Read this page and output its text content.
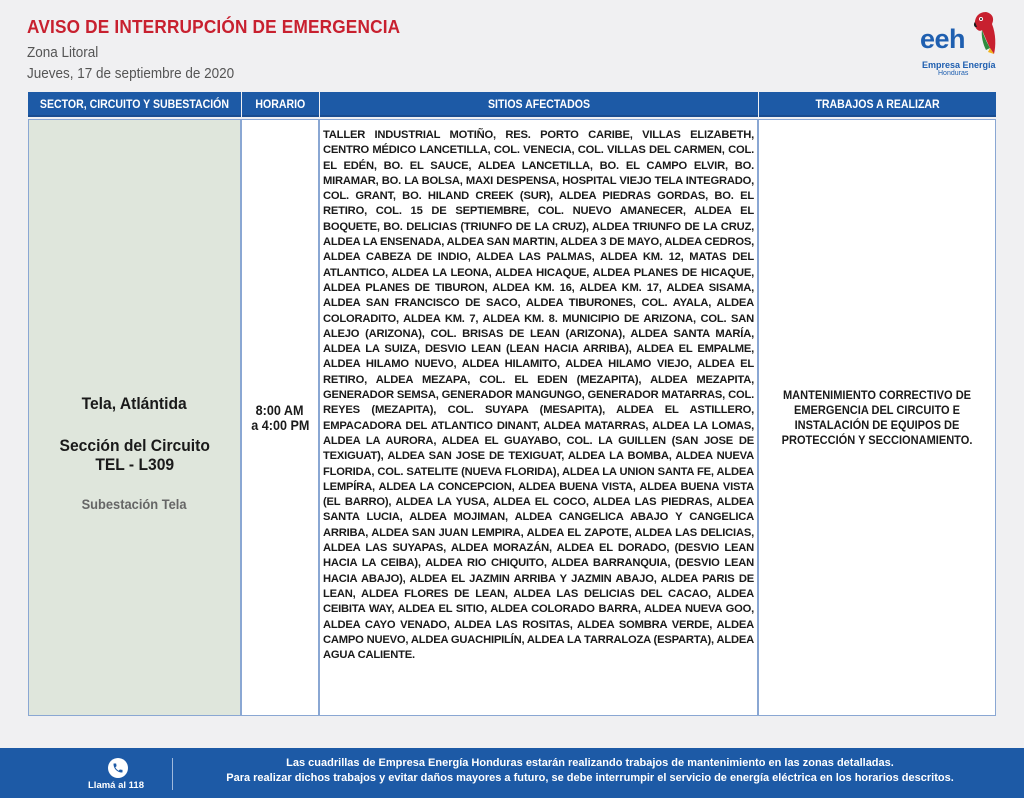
AVISO DE INTERRUPCIÓN DE EMERGENCIA
Zona Litoral
Jueves, 17 de septiembre de 2020
eeh
Empresa Energía
Honduras
SECTOR, CIRCUITO Y SUBESTACIÓN HORARIO	SITIOS AFECTADOS	TRABAJOS A REALIZAR
Tela, Atlántida
Sección del Circuito
TEL - L309
Subestación Tela
8:00 AM
a 4:00 PM
TALLER INDUSTRIAL MOTIÑO, RES. PORTO CARIBE, VILLAS ELIZABETH, CENTRO MÉDICO LANCETILLA, COL. VENECIA, COL. VILLAS DEL CARMEN, COL. EL EDÉN, BO. EL SAUCE, ALDEA LANCETILLA, BO. EL CAMPO ELVIR, BO. MIRAMAR, BO. LA BOLSA, MAXI DESPENSA, HOSPITAL VIEJO TELA INTEGRADO, COL. GRANT, BO. HILAND CREEK (SUR), ALDEA PIEDRAS GORDAS, BO. EL RETIRO, COL. 15 DE SEPTIEMBRE, COL. NUEVO AMANECER, ALDEA EL BOQUETE, BO. DELICIAS (TRIUNFO DE LA CRUZ), ALDEA TRIUNFO DE LA CRUZ, ALDEA LA ENSENADA, ALDEA SAN MARTIN, ALDEA 3 DE MAYO, ALDEA CEDROS, ALDEA CABEZA DE INDIO, ALDEA LAS PALMAS, ALDEA KM. 12, MATAS DEL ATLANTICO, ALDEA LA LEONA, ALDEA HICAQUE, ALDEA PLANES DE HICAQUE, ALDEA PLANES DE TIBURON, ALDEA KM. 16, ALDEA KM. 17, ALDEA SISAMA, ALDEA SAN FRANCISCO DE SACO, ALDEA TIBURONES, COL. AYALA, ALDEA COLORADITO, ALDEA KM. 7, ALDEA KM. 8. MUNICIPIO DE ARIZONA, COL. SAN ALEJO (ARIZONA), COL. BRISAS DE LEAN (ARIZONA), ALDEA SANTA MARÍA, ALDEA LA SUIZA, DESVIO LEAN (LEAN HACIA ARRIBA), ALDEA EL EMPALME, ALDEA HILAMO NUEVO, ALDEA HILAMITO, ALDEA HILAMO VIEJO, ALDEA EL RETIRO, ALDEA MEZAPA, COL. EL EDEN (MEZAPITA), ALDEA MEZAPITA, GENERADOR SEMSA, GENERADOR MANGUNGO, GENERADOR MATARRAS, COL. REYES (MEZAPITA), COL. SUYAPA (MESAPITA), ALDEA EL ASTILLERO, EMPACADORA DEL ATLANTICO DINANT, ALDEA MATARRAS, ALDEA LA LOMAS, ALDEA LA AURORA, ALDEA EL GUAYABO, COL. LA GUILLEN (SAN JOSE DE TEXIGUAT), ALDEA SAN JOSE DE TEXIGUAT, ALDEA LA BOMBA, ALDEA NUEVA FLORIDA, COL. SATELITE (NUEVA FLORIDA), ALDEA LA UNION SANTA FE, ALDEA LEMPÍRA, ALDEA LA CONCEPCION, ALDEA BUENA VISTA, ALDEA BUENA VISTA (EL BARRO), ALDEA LA YUSA, ALDEA EL COCO, ALDEA LAS PIEDRAS, ALDEA SANTA LUCIA, ALDEA MOJIMAN, ALDEA CANGELICA ABAJO Y CANGELICA ARRIBA, ALDEA SAN JUAN LEMPIRA, ALDEA EL ZAPOTE, ALDEA LAS DELICIAS, ALDEA LAS SUYAPAS, ALDEA MORAZÁN, ALDEA EL DORADO, (DESVIO LEAN HACIA LA CEIBA), ALDEA RIO CHIQUITO, ALDEA BARRANQUIA, (DESVIO LEAN HACIA ABAJO), ALDEA EL JAZMIN ARRIBA Y JAZMIN ABAJO, ALDEA PARIS DE LEAN, ALDEA FLORES DE LEAN, ALDEA LAS DELICIAS DEL CACAO, ALDEA CEIBITA WAY, ALDEA EL SITIO, ALDEA COLORADO BARRA, ALDEA NUEVA GOO, ALDEA CAYO VENADO, ALDEA LAS ROSITAS, ALDEA SOMBRA VERDE, ALDEA CAMPO NUEVO, ALDEA GUACHIPILÍN, ALDEA LA TARRALOZA (ESPARTA), ALDEA AGUA CALIENTE.
MANTENIMIENTO CORRECTIVO DE EMERGENCIA DEL CIRCUITO E INSTALACIÓN DE EQUIPOS DE PROTECCIÓN Y SECCIONAMIENTO.
Llamá al 118
Las cuadrillas de Empresa Energía Honduras estarán realizando trabajos de mantenimiento en las zonas detalladas.
Para realizar dichos trabajos y evitar daños mayores a futuro, se debe interrumpir el servicio de energía eléctrica en los horarios descritos.
